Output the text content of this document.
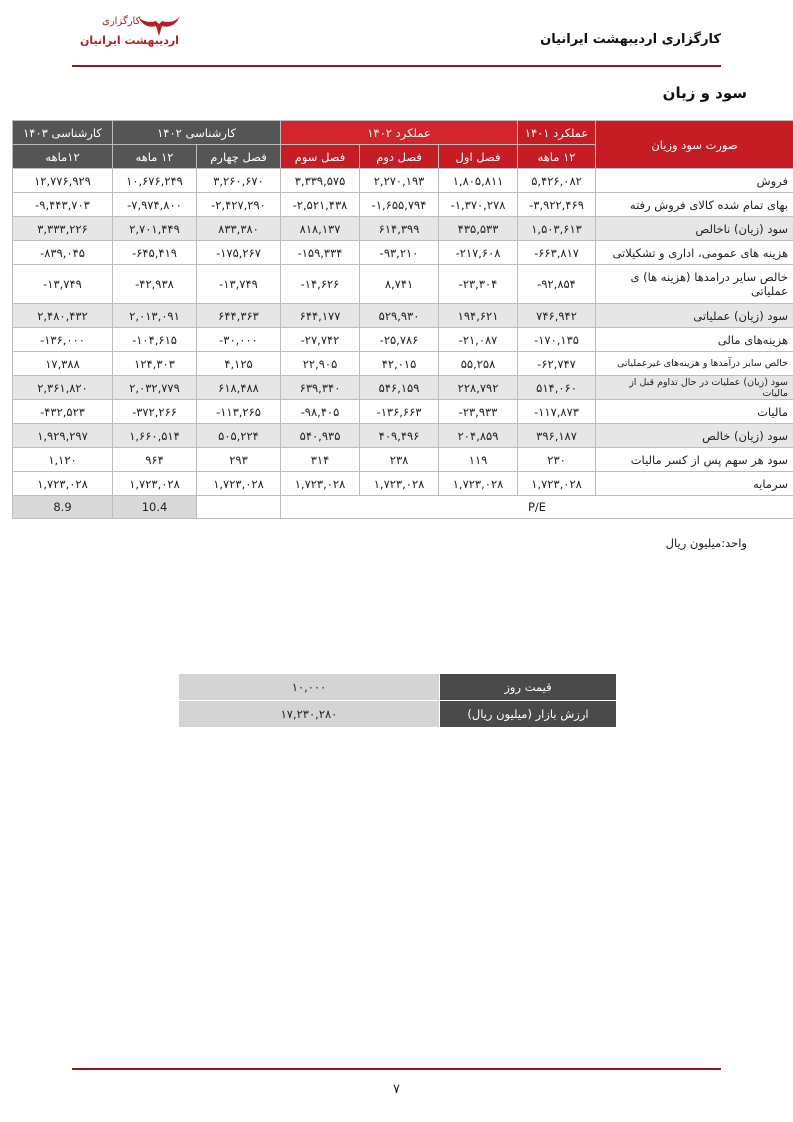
کارگزاری
اردیبهشت ایرانیان	کارگزاری اردیبهشت ایرانیان
سود و زیان
صورت سود وزیان	عملکرد ۱۴۰۱	عملکرد ۱۴۰۲			کارشناسی ۱۴۰۲		کارشناسی ۱۴۰۳
	۱۲ ماهه	فصل اول	فصل دوم	فصل سوم	فصل چهارم	۱۲ ماهه	۱۲ماهه
فروش	۵,۴۲۶,۰۸۲	۱,۸۰۵,۸۱۱	۲,۲۷۰,۱۹۳	۳,۳۳۹,۵۷۵	۳,۲۶۰,۶۷۰	۱۰,۶۷۶,۲۴۹	۱۲,۷۷۶,۹۲۹
بهای تمام شده کالای فروش رفته	-۳,۹۲۲,۴۶۹	-۱,۳۷۰,۲۷۸	-۱,۶۵۵,۷۹۴	-۲,۵۲۱,۴۳۸	-۲,۴۲۷,۲۹۰	-۷,۹۷۴,۸۰۰	-۹,۴۴۳,۷۰۳
سود (زیان) ناخالص	۱,۵۰۳,۶۱۳	۴۳۵,۵۳۳	۶۱۴,۳۹۹	۸۱۸,۱۳۷	۸۳۳,۳۸۰	۲,۷۰۱,۴۴۹	۳,۳۳۳,۲۲۶
هزینه های عمومی، اداری و تشکیلاتی	-۶۶۳,۸۱۷	-۲۱۷,۶۰۸	-۹۳,۲۱۰	-۱۵۹,۳۳۴	-۱۷۵,۲۶۷	-۶۴۵,۴۱۹	-۸۳۹,۰۴۵
خالص سایر درامدها (هزینه ها) ی عملیاتی	-۹۲,۸۵۴	-۲۳,۳۰۴	۸,۷۴۱	-۱۴,۶۲۶	-۱۳,۷۴۹	-۴۲,۹۳۸	-۱۳,۷۴۹
سود (زیان) عملیاتی	۷۴۶,۹۴۲	۱۹۴,۶۲۱	۵۲۹,۹۳۰	۶۴۴,۱۷۷	۶۴۴,۳۶۳	۲,۰۱۳,۰۹۱	۲,۴۸۰,۴۳۲
هزینه‌های مالی	-۱۷۰,۱۳۵	-۲۱,۰۸۷	-۲۵,۷۸۶	-۲۷,۷۴۲	-۳۰,۰۰۰	-۱۰۴,۶۱۵	-۱۳۶,۰۰۰
خالص سایر درآمدها و هزینه‌های غیرعملیاتی	-۶۲,۷۴۷	۵۵,۲۵۸	۴۲,۰۱۵	۲۲,۹۰۵	۴,۱۲۵	۱۲۴,۳۰۳	۱۷,۳۸۸
سود (زیان) عملیات در حال تداوم قبل از مالیات	۵۱۴,۰۶۰	۲۲۸,۷۹۲	۵۴۶,۱۵۹	۶۳۹,۳۴۰	۶۱۸,۴۸۸	۲,۰۳۲,۷۷۹	۲,۳۶۱,۸۲۰
مالیات	-۱۱۷,۸۷۳	-۲۳,۹۳۳	-۱۳۶,۶۶۳	-۹۸,۴۰۵	-۱۱۳,۲۶۵	-۳۷۲,۲۶۶	-۴۳۲,۵۲۳
سود (زیان) خالص	۳۹۶,۱۸۷	۲۰۴,۸۵۹	۴۰۹,۴۹۶	۵۴۰,۹۳۵	۵۰۵,۲۲۴	۱,۶۶۰,۵۱۴	۱,۹۲۹,۲۹۷
سود هر سهم پس از کسر مالیات	۲۳۰	۱۱۹	۲۳۸	۳۱۴	۲۹۳	۹۶۴	۱,۱۲۰
سرمایه	۱,۷۲۳,۰۲۸	۱,۷۲۳,۰۲۸	۱,۷۲۳,۰۲۸	۱,۷۲۳,۰۲۸	۱,۷۲۳,۰۲۸	۱,۷۲۳,۰۲۸	۱,۷۲۳,۰۲۸
P/E						10.4	8.9
واحد:میلیون ریال
قیمت روز	۱۰,۰۰۰
ارزش بازار (میلیون ریال)	۱۷,۲۳۰,۲۸۰
۷
